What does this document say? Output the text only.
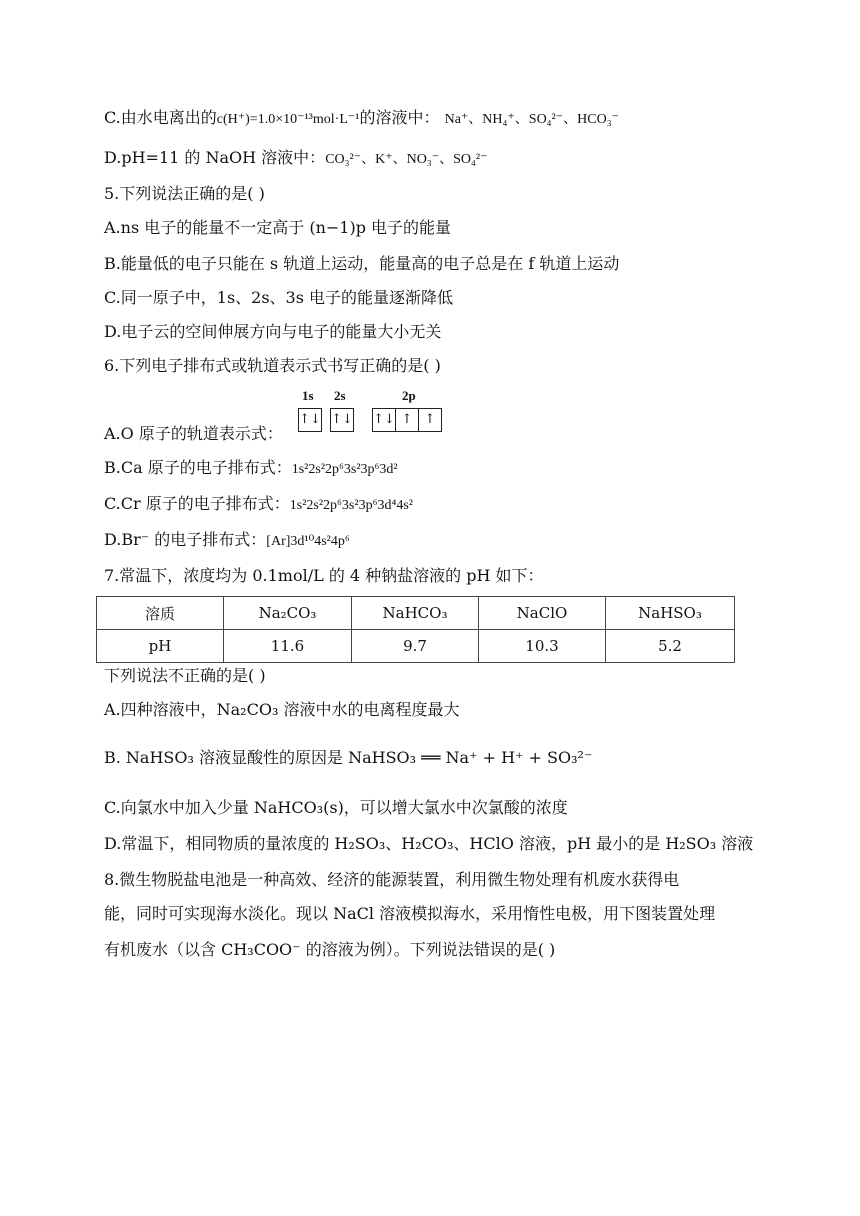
C.由水电离出的c(H⁺)=1.0×10⁻¹³mol·L⁻¹的溶液中： Na⁺、NH₄⁺、SO₄²⁻、HCO₃⁻
D.pH=11 的 NaOH 溶液中：CO₃²⁻、K⁺、NO₃⁻、SO₄²⁻
5.下列说法正确的是( )
A.ns 电子的能量不一定高于 (n−1)p 电子的能量
B.能量低的电子只能在 s 轨道上运动，能量高的电子总是在 f 轨道上运动
C.同一原子中，1s、2s、3s 电子的能量逐渐降低
D.电子云的空间伸展方向与电子的能量大小无关
6.下列电子排布式或轨道表示式书写正确的是( )
1s 2s	2p
↑↓ ↑↓ ↑↓ ↑ ↑
A.O 原子的轨道表示式：
B.Ca 原子的电子排布式：1s²2s²2p⁶3s²3p⁶3d²
C.Cr 原子的电子排布式：1s²2s²2p⁶3s²3p⁶3d⁴4s²
D.Br⁻ 的电子排布式：[Ar]3d¹⁰4s²4p⁶
7.常温下，浓度均为 0.1mol/L 的 4 种钠盐溶液的 pH 如下：
溶质	Na₂CO₃	NaHCO₃	NaClO	NaHSO₃
pH	11.6	9.7	10.3	5.2
下列说法不正确的是( )
A.四种溶液中，Na₂CO₃ 溶液中水的电离程度最大
B. NaHSO₃ 溶液显酸性的原因是 NaHSO₃ ══ Na⁺ + H⁺ + SO₃²⁻
C.向氯水中加入少量 NaHCO₃(s)，可以增大氯水中次氯酸的浓度
D.常温下，相同物质的量浓度的 H₂SO₃、H₂CO₃、HClO 溶液，pH 最小的是 H₂SO₃ 溶液
8.微生物脱盐电池是一种高效、经济的能源装置，利用微生物处理有机废水获得电
能，同时可实现海水淡化。现以 NaCl 溶液模拟海水，采用惰性电极，用下图装置处理
有机废水（以含 CH₃COO⁻ 的溶液为例）。下列说法错误的是( )
